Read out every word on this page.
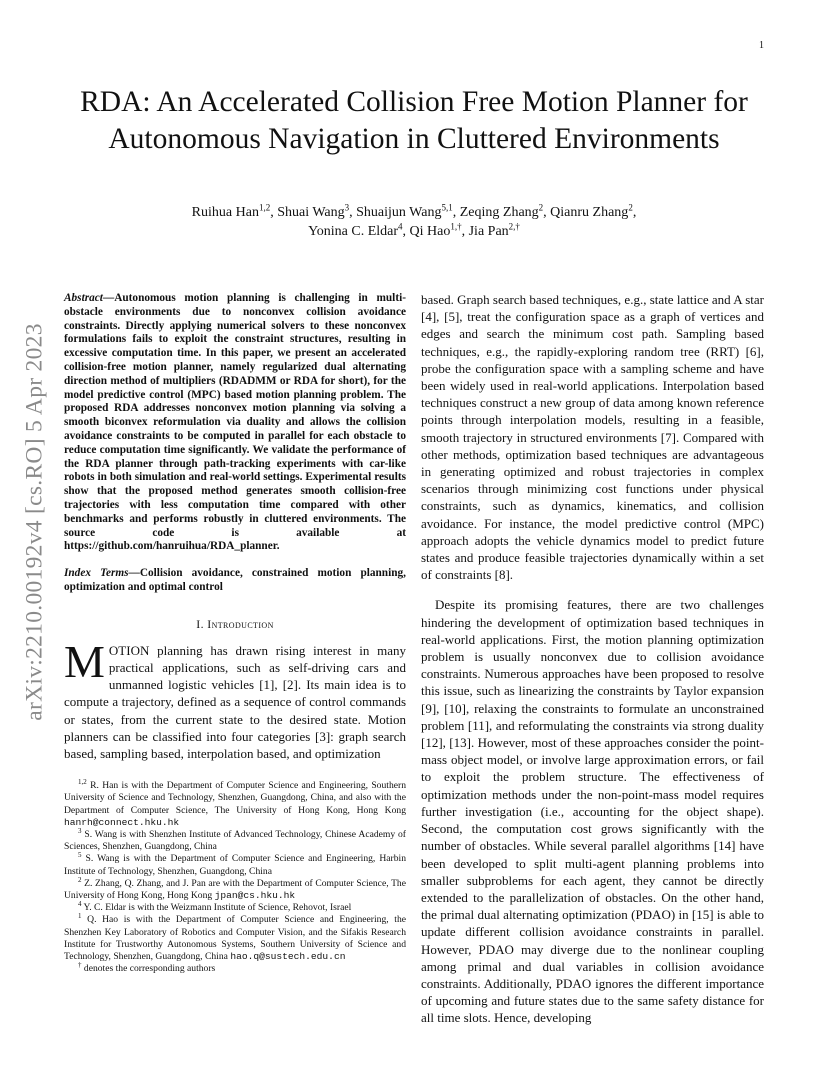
1
arXiv:2210.00192v4 [cs.RO] 5 Apr 2023
RDA: An Accelerated Collision Free Motion Planner for Autonomous Navigation in Cluttered Environments

Ruihua Han$^{1,2}$, Shuai Wang$^3$, Shuaijun Wang$^{5,1}$, Zeqing Zhang$^2$, Qianru Zhang$^2$,
Yonina C. Eldar$^4$, Qi Hao$^{1,\dagger}$, Jia Pan$^{2,\dagger}$

Abstract—Autonomous motion planning is challenging in multi-obstacle environments due to nonconvex collision avoidance constraints. Directly applying numerical solvers to these nonconvex formulations fails to exploit the constraint structures, resulting in excessive computation time. In this paper, we present an accelerated collision-free motion planner, namely regularized dual alternating direction method of multipliers (RDADMM or RDA for short), for the model predictive control (MPC) based motion planning problem. The proposed RDA addresses nonconvex motion planning via solving a smooth biconvex reformulation via duality and allows the collision avoidance constraints to be computed in parallel for each obstacle to reduce computation time significantly. We validate the performance of the RDA planner through path-tracking experiments with car-like robots in both simulation and real-world settings. Experimental results show that the proposed method generates smooth collision-free trajectories with less computation time compared with other benchmarks and performs robustly in cluttered environments. The source code is available at https://github.com/hanruihua/RDA_planner.

Index Terms—Collision avoidance, constrained motion planning, optimization and optimal control

I. Introduction

MOTION planning has drawn rising interest in many practical applications, such as self-driving cars and unmanned logistic vehicles [1], [2]. Its main idea is to compute a trajectory, defined as a sequence of control commands or states, from the current state to the desired state. Motion planners can be classified into four categories [3]: graph search based, sampling based, interpolation based, and optimization

$^{1,2}$ R. Han is with the Department of Computer Science and Engineering, Southern University of Science and Technology, Shenzhen, Guangdong, China, and also with the Department of Computer Science, The University of Hong Kong, Hong Kong hanrh@connect.hku.hk

$^3$ S. Wang is with Shenzhen Institute of Advanced Technology, Chinese Academy of Sciences, Shenzhen, Guangdong, China

$^5$ S. Wang is with the Department of Computer Science and Engineering, Harbin Institute of Technology, Shenzhen, Guangdong, China

$^2$ Z. Zhang, Q. Zhang, and J. Pan are with the Department of Computer Science, The University of Hong Kong, Hong Kong jpan@cs.hku.hk

$^4$ Y. C. Eldar is with the Weizmann Institute of Science, Rehovot, Israel

$^1$ Q. Hao is with the Department of Computer Science and Engineering, the Shenzhen Key Laboratory of Robotics and Computer Vision, and the Sifakis Research Institute for Trustworthy Autonomous Systems, Southern University of Science and Technology, Shenzhen, Guangdong, China hao.q@sustech.edu.cn

† denotes the corresponding authors

based. Graph search based techniques, e.g., state lattice and A star [4], [5], treat the configuration space as a graph of vertices and edges and search the minimum cost path. Sampling based techniques, e.g., the rapidly-exploring random tree (RRT) [6], probe the configuration space with a sampling scheme and have been widely used in real-world applications. Interpolation based techniques construct a new group of data among known reference points through interpolation models, resulting in a feasible, smooth trajectory in structured environments [7]. Compared with other methods, optimization based techniques are advantageous in generating optimized and robust trajectories in complex scenarios through minimizing cost functions under physical constraints, such as dynamics, kinematics, and collision avoidance. For instance, the model predictive control (MPC) approach adopts the vehicle dynamics model to predict future states and produce feasible trajectories dynamically within a set of constraints [8].

Despite its promising features, there are two challenges hindering the development of optimization based techniques in real-world applications. First, the motion planning optimization problem is usually nonconvex due to collision avoidance constraints. Numerous approaches have been proposed to resolve this issue, such as linearizing the constraints by Taylor expansion [9], [10], relaxing the constraints to formulate an unconstrained problem [11], and reformulating the constraints via strong duality [12], [13]. However, most of these approaches consider the point-mass object model, or involve large approximation errors, or fail to exploit the problem structure. The effectiveness of optimization methods under the non-point-mass model requires further investigation (i.e., accounting for the object shape). Second, the computation cost grows significantly with the number of obstacles. While several parallel algorithms [14] have been developed to split multi-agent planning problems into smaller subproblems for each agent, they cannot be directly extended to the parallelization of obstacles. On the other hand, the primal dual alternating optimization (PDAO) in [15] is able to update different collision avoidance constraints in parallel. However, PDAO may diverge due to the nonlinear coupling among primal and dual variables in collision avoidance constraints. Additionally, PDAO ignores the different importance of upcoming and future states due to the same safety distance for all time slots. Hence, developing
